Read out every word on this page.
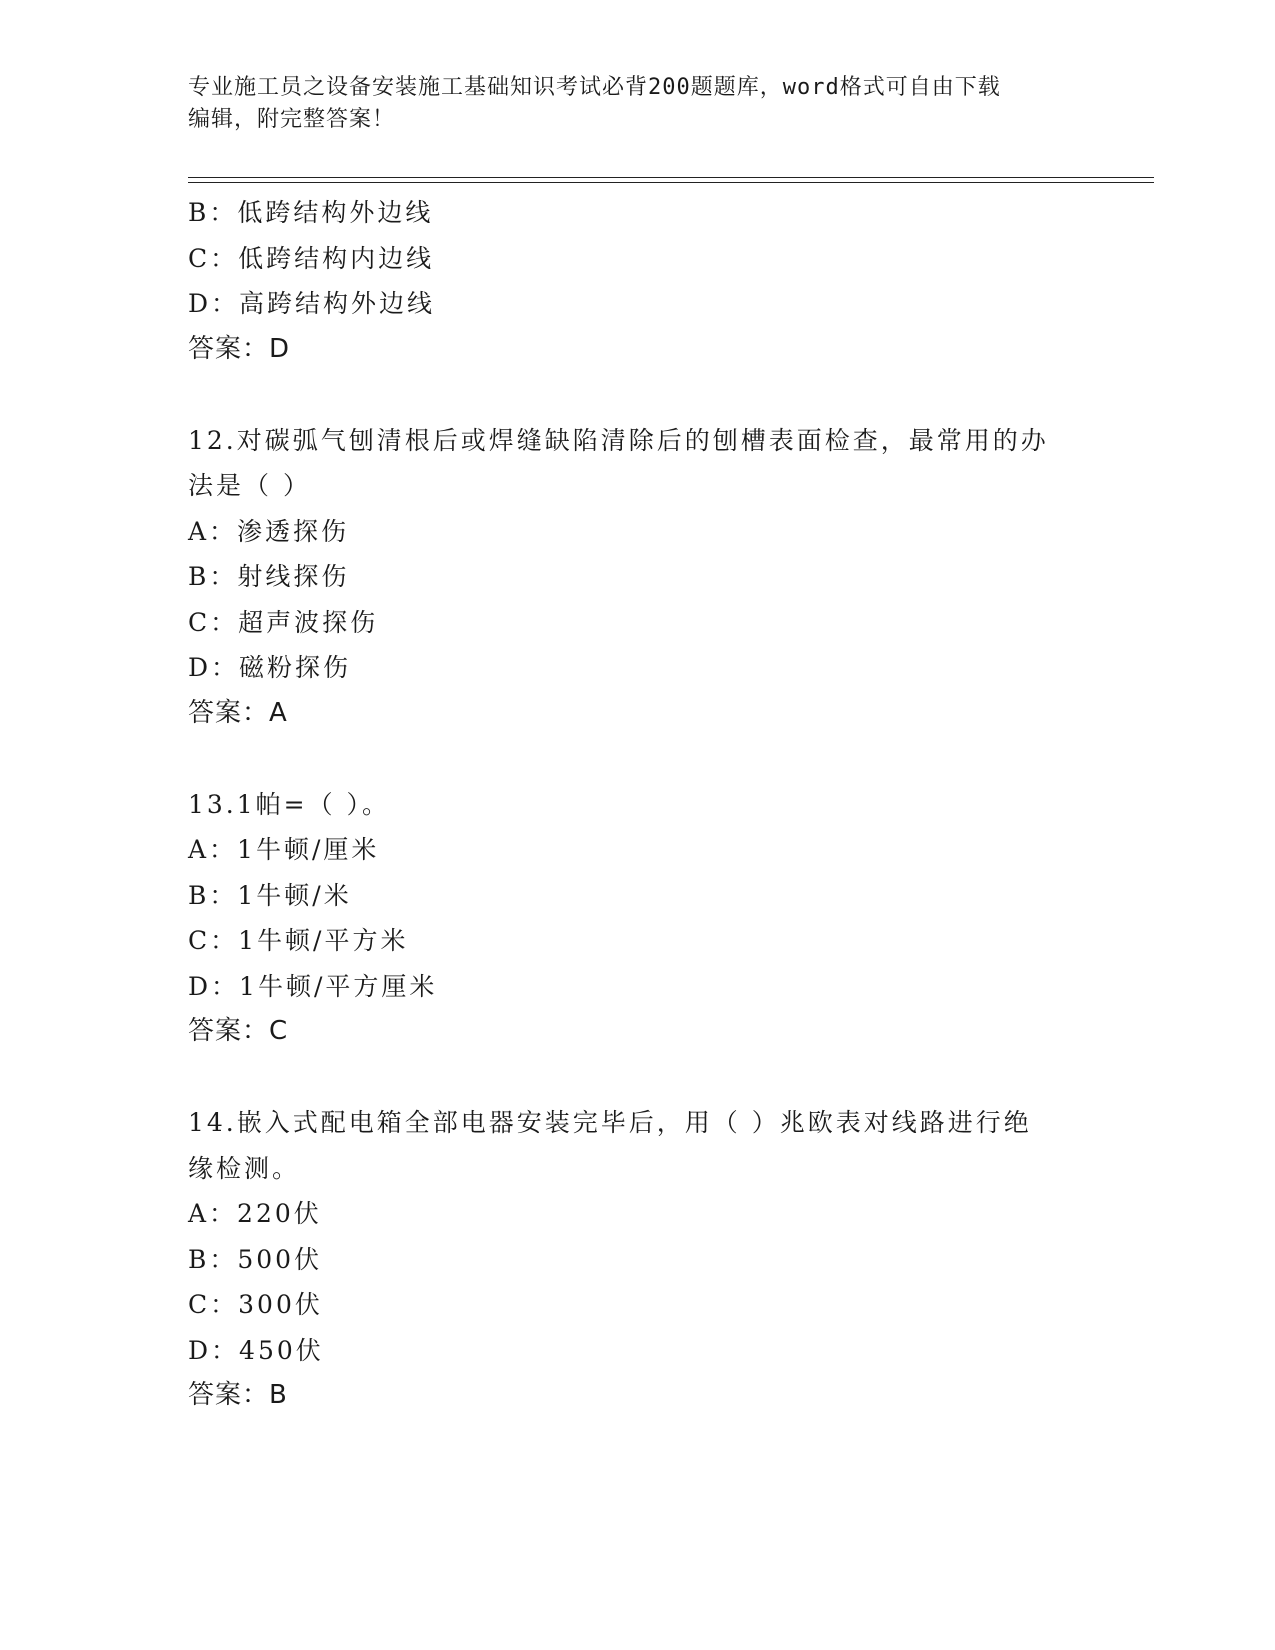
专业施工员之设备安装施工基础知识考试必背200题题库，word格式可自由下载
编辑，附完整答案！
B：低跨结构外边线
C：低跨结构内边线
D：高跨结构外边线
答案：D
12.对碳弧气刨清根后或焊缝缺陷清除后的刨槽表面检查，最常用的办
法是（ ）
A：渗透探伤
B：射线探伤
C：超声波探伤
D：磁粉探伤
答案：A
13.1帕=（ ）。
A：1牛顿/厘米
B：1牛顿/米
C：1牛顿/平方米
D：1牛顿/平方厘米
答案：C
14.嵌入式配电箱全部电器安装完毕后，用（ ）兆欧表对线路进行绝
缘检测。
A：220伏
B：500伏
C：300伏
D：450伏
答案：B
